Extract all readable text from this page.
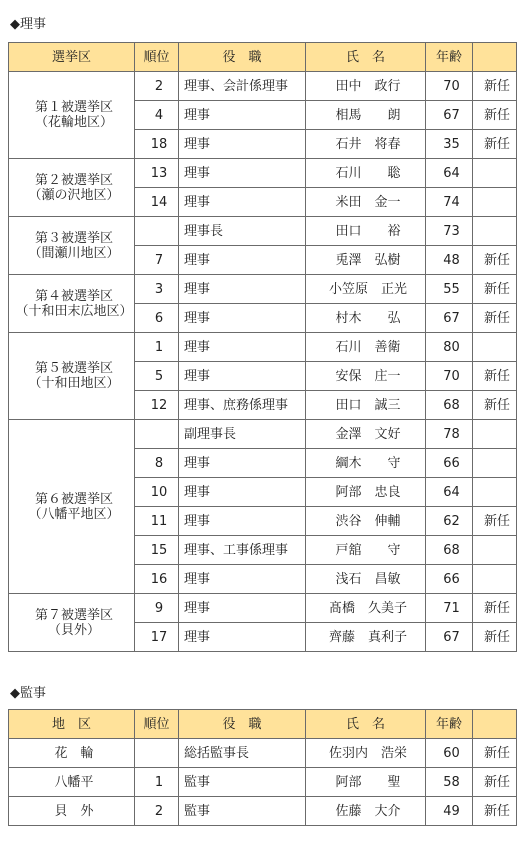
◆理事
選挙区	順位	役　職	氏　名	年齢	

第１被選挙区
（花輪地区）	2	理事、会計係理事	田中　政行	70	新任
	4	理事	相馬　　朗	67	新任
	18	理事	石井　将春	35	新任

第２被選挙区
（瀬の沢地区）	13	理事	石川　　聡	64	
	14	理事	米田　金一	74	

第３被選挙区
（間瀬川地区）		理事長	田口　　裕	73	
	7	理事	兎澤　弘樹	48	新任

第４被選挙区
（十和田末広地区）	3	理事	小笠原　正光	55	新任
	6	理事	村木　　弘	67	新任

第５被選挙区
（十和田地区）	1	理事	石川　善衛	80	
	5	理事	安保　庄一	70	新任
	12	理事、庶務係理事	田口　誠三	68	新任

第６被選挙区
（八幡平地区）		副理事長	金澤　文好	78	
	8	理事	綱木　　守	66	
	10	理事	阿部　忠良	64	
	11	理事	渋谷　伸輔	62	新任
	15	理事、工事係理事	戸舘　　守	68	
	16	理事	浅石　昌敏	66	

第７被選挙区
（貝外）	9	理事	髙橋　久美子	71	新任
	17	理事	齊藤　真利子	67	新任
◆監事
地　区	順位	役　職	氏　名	年齢	
花　輪		総括監事長	佐羽内　浩栄	60	新任
八幡平	1	監事	阿部　　聖	58	新任
貝　外	2	監事	佐藤　大介	49	新任
